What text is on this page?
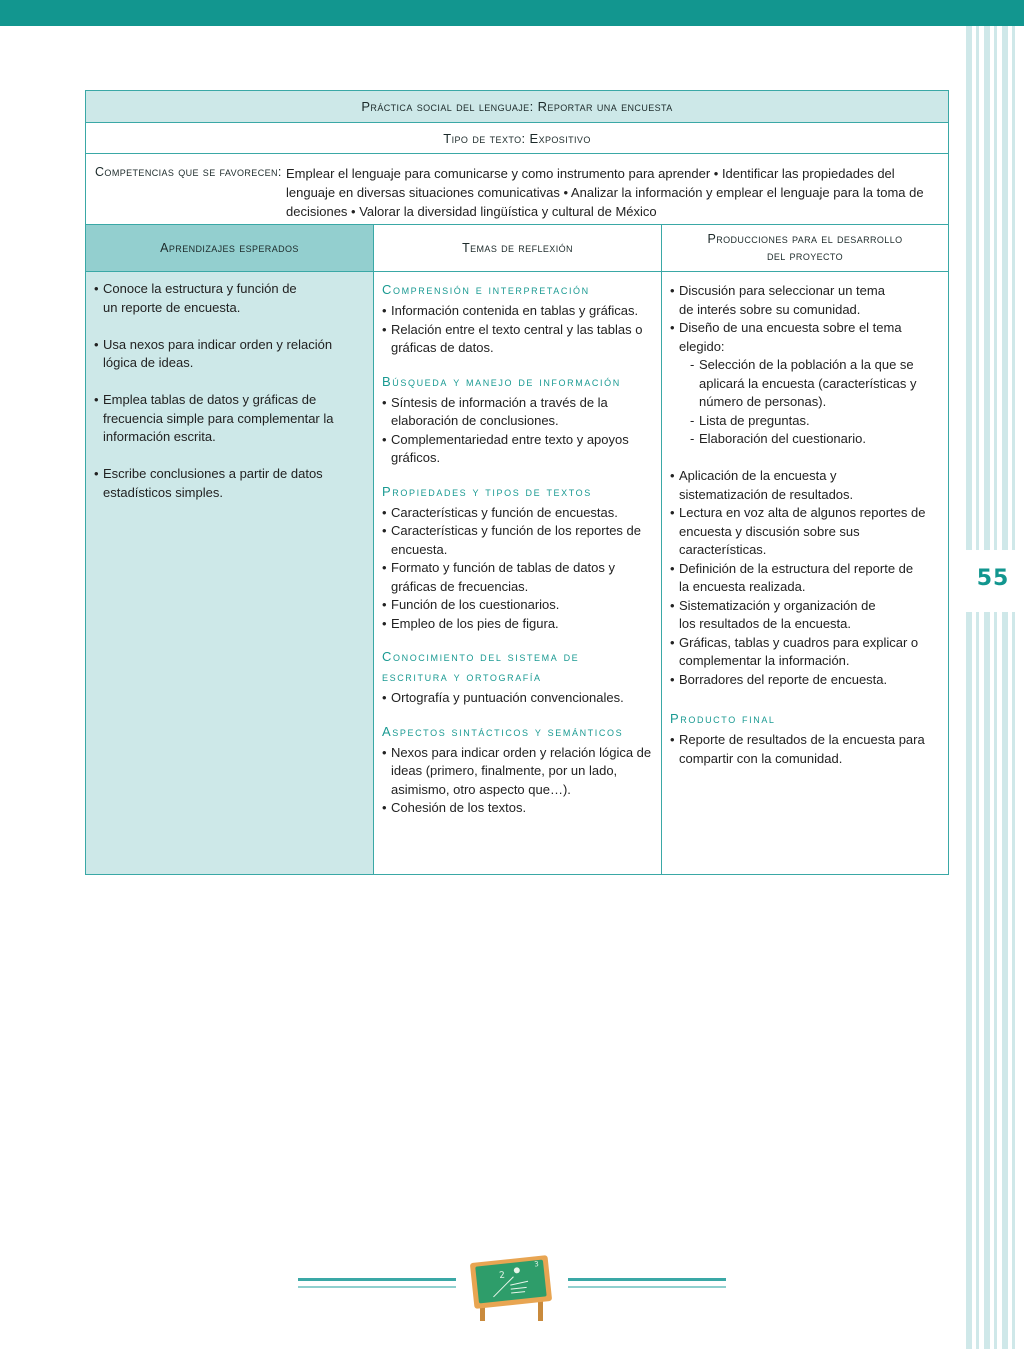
55
Práctica social del lenguaje: Reportar una encuesta
Tipo de texto: Expositivo
Competencias que se favorecen: Emplear el lenguaje para comunicarse y como instrumento para aprender • Identificar las propiedades del lenguaje en diversas situaciones comunicativas • Analizar la información y emplear el lenguaje para la toma de decisiones • Valorar la diversidad lingüística y cultural de México
Aprendizajes esperados	Temas de reflexión
Producciones para el desarrollo del proyecto
• Conoce la estructura y función de un reporte de encuesta.
• Usa nexos para indicar orden y relación lógica de ideas.
• Emplea tablas de datos y gráficas de frecuencia simple para complementar la información escrita.
• Escribe conclusiones a partir de datos estadísticos simples.
Comprensión e interpretación
• Información contenida en tablas y gráficas.
• Relación entre el texto central y las tablas o gráficas de datos.
Búsqueda y manejo de información
• Síntesis de información a través de la elaboración de conclusiones.
• Complementariedad entre texto y apoyos gráficos.
Propiedades y tipos de textos
• Características y función de encuestas.
• Características y función de los reportes de encuesta.
• Formato y función de tablas de datos y gráficas de frecuencias.
• Función de los cuestionarios.
• Empleo de los pies de figura.
Conocimiento del sistema de escritura y ortografía
• Ortografía y puntuación convencionales.
Aspectos sintácticos y semánticos
• Nexos para indicar orden y relación lógica de ideas (primero, finalmente, por un lado, asimismo, otro aspecto que…).
• Cohesión de los textos.
• Discusión para seleccionar un tema de interés sobre su comunidad.
• Diseño de una encuesta sobre el tema elegido:
- Selección de la población a la que se aplicará la encuesta (características y número de personas).
- Lista de preguntas.
- Elaboración del cuestionario.
• Aplicación de la encuesta y sistematización de resultados.
• Lectura en voz alta de algunos reportes de encuesta y discusión sobre sus características.
• Definición de la estructura del reporte de la encuesta realizada.
• Sistematización y organización de los resultados de la encuesta.
• Gráficas, tablas y cuadros para explicar o complementar la información.
• Borradores del reporte de encuesta.
Producto final
• Reporte de resultados de la encuesta para compartir con la comunidad.
2
3
